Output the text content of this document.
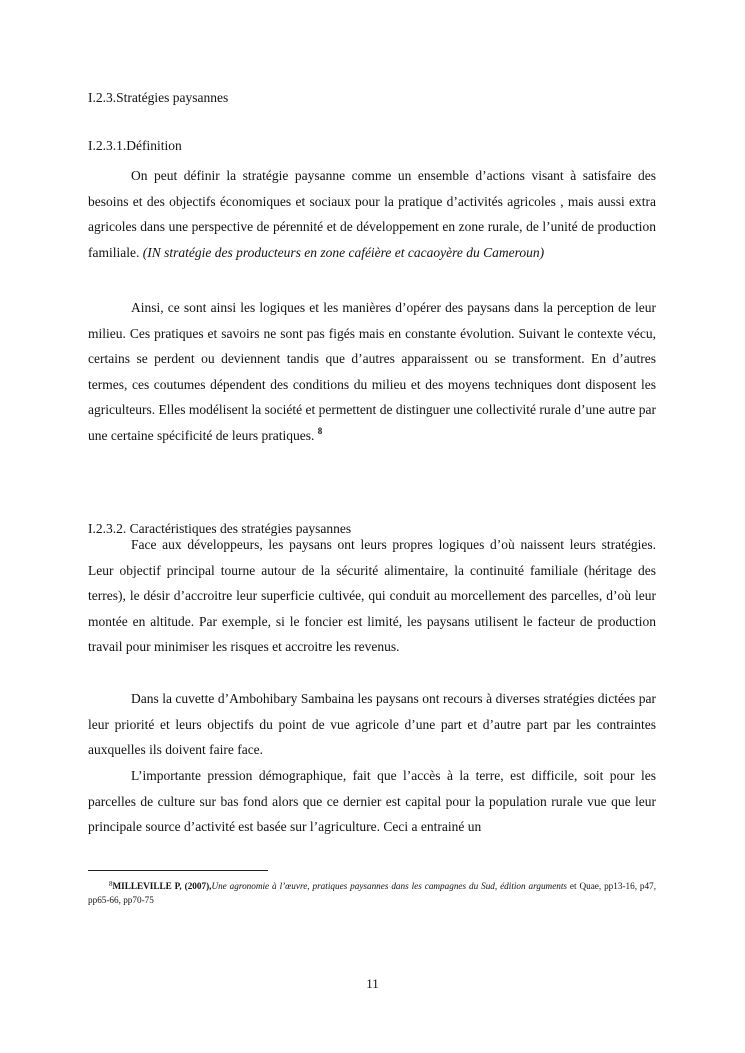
I.2.3.Stratégies paysannes
I.2.3.1.Définition

On peut définir la stratégie paysanne comme un ensemble d’actions visant à satisfaire des besoins et des objectifs économiques et sociaux pour la pratique d’activités agricoles , mais aussi extra agricoles dans une perspective de pérennité et de développement en zone rurale, de l’unité de production familiale. (IN stratégie des producteurs en zone caféière et cacaoyère du Cameroun)

Ainsi, ce sont ainsi les logiques et les manières d’opérer des paysans dans la perception de leur milieu. Ces pratiques et savoirs ne sont pas figés mais en constante évolution. Suivant le contexte vécu, certains se perdent ou deviennent tandis que d’autres apparaissent ou se transforment. En d’autres termes, ces coutumes dépendent des conditions du milieu et des moyens techniques dont disposent les agriculteurs. Elles modélisent la société et permettent de distinguer une collectivité rurale d’une autre par une certaine spécificité de leurs pratiques. $^8$

I.2.3.2. Caractéristiques des stratégies paysannes

Face aux développeurs, les paysans ont leurs propres logiques d’où naissent leurs stratégies. Leur objectif principal tourne autour de la sécurité alimentaire, la continuité familiale (héritage des terres), le désir d’accroitre leur superficie cultivée, qui conduit au morcellement des parcelles, d’où leur montée en altitude. Par exemple, si le foncier est limité, les paysans utilisent le facteur de production travail pour minimiser les risques et accroitre les revenus.

Dans la cuvette d’Ambohibary Sambaina les paysans ont recours à diverses stratégies dictées par leur priorité et leurs objectifs du point de vue agricole d’une part et d’autre part par les contraintes auxquelles ils doivent faire face.

L’importante pression démographique, fait que l’accès à la terre, est difficile, soit pour les parcelles de culture sur bas fond alors que ce dernier est capital pour la population rurale vue que leur principale source d’activité est basée sur l’agriculture. Ceci a entrainé un

$^8$MILLEVILLE P, (2007),Une agronomie à l’œuvre, pratiques paysannes dans les campagnes du Sud, édition arguments et Quae, pp13-16, p47, pp65-66, pp70-75

11
